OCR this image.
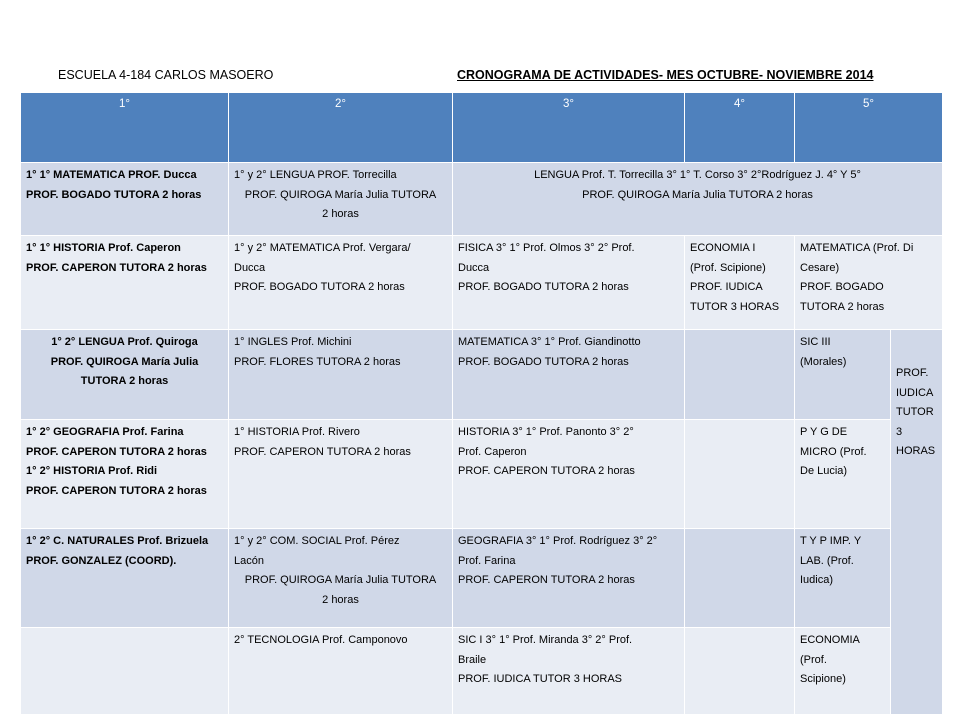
ESCUELA 4-184 CARLOS MASOERO	CRONOGRAMA DE ACTIVIDADES- MES OCTUBRE- NOVIEMBRE 2014
1°	2°	3°	4°	5°	

1° 1° MATEMATICA PROF. Ducca
PROF. BOGADO TUTORA 2 horas	1° y 2° LENGUA PROF. Torrecilla
PROF. QUIROGA María Julia TUTORA
2 horas	LENGUA Prof. T. Torrecilla 3° 1° T. Corso 3° 2°Rodríguez J. 4° Y 5°
PROF. QUIROGA María Julia TUTORA 2 horas			

1° 1° HISTORIA Prof. Caperon
PROF. CAPERON TUTORA 2 horas	1° y 2° MATEMATICA Prof. Vergara/
Ducca
PROF. BOGADO TUTORA 2 horas	FISICA 3° 1° Prof. Olmos 3° 2° Prof.
Ducca
PROF. BOGADO TUTORA 2 horas	ECONOMIA I
(Prof. Scipione)
PROF. IUDICA
TUTOR 3 HORAS	MATEMATICA (Prof. Di
Cesare)
PROF. BOGADO
TUTORA 2 horas	

1° 2° LENGUA Prof. Quiroga
PROF. QUIROGA María Julia
TUTORA 2 horas	1° INGLES Prof. Michini
PROF. FLORES TUTORA 2 horas	MATEMATICA 3° 1° Prof. Giandinotto
PROF. BOGADO TUTORA 2 horas		SIC III
(Morales)	PROF.
IUDICA
TUTOR
3
HORAS

1° 2° GEOGRAFIA Prof. Farina
PROF. CAPERON TUTORA 2 horas
1° 2° HISTORIA Prof. Ridi
PROF. CAPERON TUTORA 2 horas	1° HISTORIA Prof. Rivero
PROF. CAPERON TUTORA 2 horas	HISTORIA 3° 1° Prof. Panonto 3° 2°
Prof. Caperon
PROF. CAPERON TUTORA 2 horas		P Y G DE
MICRO (Prof.
De Lucia)	

1° 2° C. NATURALES Prof. Brizuela
PROF. GONZALEZ (COORD).	1° y 2° COM. SOCIAL Prof. Pérez
Lacón
PROF. QUIROGA María Julia TUTORA
2 horas	GEOGRAFIA 3° 1° Prof. Rodríguez 3° 2°
Prof. Farina
PROF. CAPERON TUTORA 2 horas		T Y P IMP. Y
LAB. (Prof.
Iudica)	

	2° TECNOLOGIA Prof. Camponovo	SIC I 3° 1° Prof. Miranda 3° 2° Prof.
Braile
PROF. IUDICA TUTOR 3 HORAS		ECONOMIA
(Prof.
Scipione)	
